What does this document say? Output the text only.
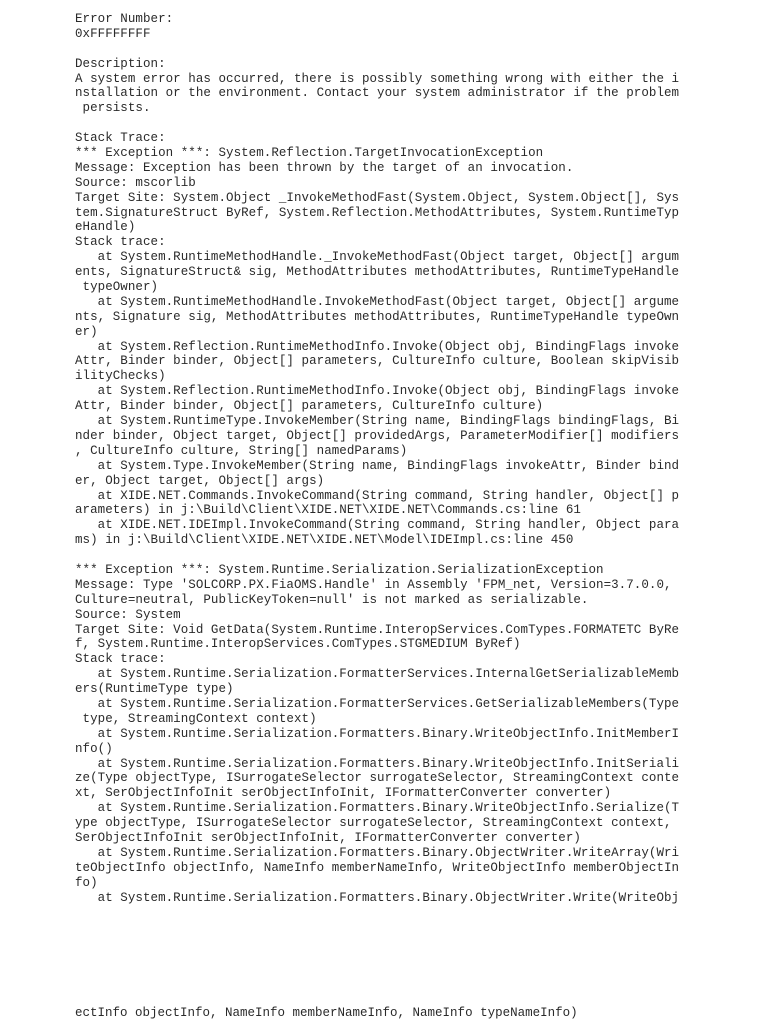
Error Number:
0xFFFFFFFF
Description:
A system error has occurred, there is possibly something wrong with either the i
nstallation or the environment. Contact your system administrator if the problem
persists.
Stack Trace:
*** Exception ***: System.Reflection.TargetInvocationException
Message: Exception has been thrown by the target of an invocation.
Source: mscorlib
Target Site: System.Object _InvokeMethodFast(System.Object, System.Object[], Sys
tem.SignatureStruct ByRef, System.Reflection.MethodAttributes, System.RuntimeTyp
eHandle)
Stack trace:
at System.RuntimeMethodHandle._InvokeMethodFast(Object target, Object[] argum
ents, SignatureStruct& sig, MethodAttributes methodAttributes, RuntimeTypeHandle
typeOwner)
at System.RuntimeMethodHandle.InvokeMethodFast(Object target, Object[] argume
nts, Signature sig, MethodAttributes methodAttributes, RuntimeTypeHandle typeOwn
er)
at System.Reflection.RuntimeMethodInfo.Invoke(Object obj, BindingFlags invoke
Attr, Binder binder, Object[] parameters, CultureInfo culture, Boolean skipVisib
ilityChecks)
at System.Reflection.RuntimeMethodInfo.Invoke(Object obj, BindingFlags invoke
Attr, Binder binder, Object[] parameters, CultureInfo culture)
at System.RuntimeType.InvokeMember(String name, BindingFlags bindingFlags, Bi
nder binder, Object target, Object[] providedArgs, ParameterModifier[] modifiers
, CultureInfo culture, String[] namedParams)
at System.Type.InvokeMember(String name, BindingFlags invokeAttr, Binder bind
er, Object target, Object[] args)
at XIDE.NET.Commands.InvokeCommand(String command, String handler, Object[] p
arameters) in j:\Build\Client\XIDE.NET\XIDE.NET\Commands.cs:line 61
at XIDE.NET.IDEImpl.InvokeCommand(String command, String handler, Object para
ms) in j:\Build\Client\XIDE.NET\XIDE.NET\Model\IDEImpl.cs:line 450
*** Exception ***: System.Runtime.Serialization.SerializationException
Message: Type 'SOLCORP.PX.FiaOMS.Handle' in Assembly 'FPM_net, Version=3.7.0.0,
Culture=neutral, PublicKeyToken=null' is not marked as serializable.
Source: System
Target Site: Void GetData(System.Runtime.InteropServices.ComTypes.FORMATETC ByRe
f, System.Runtime.InteropServices.ComTypes.STGMEDIUM ByRef)
Stack trace:
at System.Runtime.Serialization.FormatterServices.InternalGetSerializableMemb
ers(RuntimeType type)
at System.Runtime.Serialization.FormatterServices.GetSerializableMembers(Type
type, StreamingContext context)
at System.Runtime.Serialization.Formatters.Binary.WriteObjectInfo.InitMemberI
nfo()
at System.Runtime.Serialization.Formatters.Binary.WriteObjectInfo.InitSeriali
ze(Type objectType, ISurrogateSelector surrogateSelector, StreamingContext conte
xt, SerObjectInfoInit serObjectInfoInit, IFormatterConverter converter)
at System.Runtime.Serialization.Formatters.Binary.WriteObjectInfo.Serialize(T
ype objectType, ISurrogateSelector surrogateSelector, StreamingContext context,
SerObjectInfoInit serObjectInfoInit, IFormatterConverter converter)
at System.Runtime.Serialization.Formatters.Binary.ObjectWriter.WriteArray(Wri
teObjectInfo objectInfo, NameInfo memberNameInfo, WriteObjectInfo memberObjectIn
fo)
at System.Runtime.Serialization.Formatters.Binary.ObjectWriter.Write(WriteObj
ectInfo objectInfo, NameInfo memberNameInfo, NameInfo typeNameInfo)
